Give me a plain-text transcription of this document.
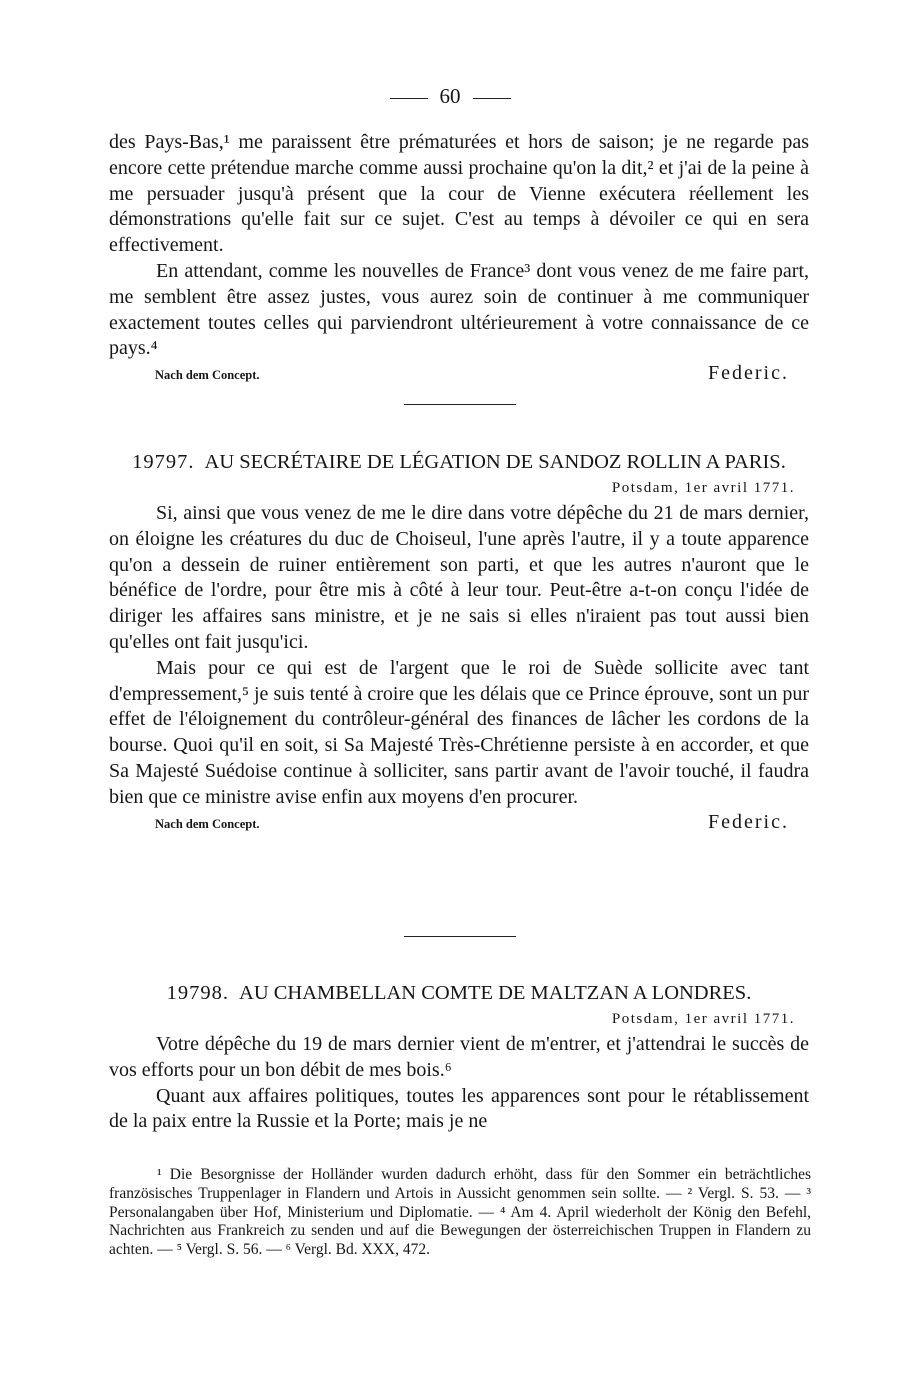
60

des Pays-Bas,¹ me paraissent être prématurées et hors de saison; je ne regarde pas encore cette prétendue marche comme aussi prochaine qu'on la dit,² et j'ai de la peine à me persuader jusqu'à présent que la cour de Vienne exécutera réellement les démonstrations qu'elle fait sur ce sujet. C'est au temps à dévoiler ce qui en sera effectivement.

En attendant, comme les nouvelles de France³ dont vous venez de me faire part, me semblent être assez justes, vous aurez soin de continuer à me communiquer exactement toutes celles qui parviendront ultérieurement à votre connaissance de ce pays.⁴

Nach dem Concept.	Federic.
19797. AU SECRÉTAIRE DE LÉGATION DE SANDOZ ROLLIN A PARIS.
Potsdam, 1er avril 1771.

Si, ainsi que vous venez de me le dire dans votre dépêche du 21 de mars dernier, on éloigne les créatures du duc de Choiseul, l'une après l'autre, il y a toute apparence qu'on a dessein de ruiner entièrement son parti, et que les autres n'auront que le bénéfice de l'ordre, pour être mis à côté à leur tour. Peut-être a-t-on conçu l'idée de diriger les affaires sans ministre, et je ne sais si elles n'iraient pas tout aussi bien qu'elles ont fait jusqu'ici.

Mais pour ce qui est de l'argent que le roi de Suède sollicite avec tant d'empressement,⁵ je suis tenté à croire que les délais que ce Prince éprouve, sont un pur effet de l'éloignement du contrôleur-général des finances de lâcher les cordons de la bourse. Quoi qu'il en soit, si Sa Majesté Très-Chrétienne persiste à en accorder, et que Sa Majesté Suédoise continue à solliciter, sans partir avant de l'avoir touché, il faudra bien que ce ministre avise enfin aux moyens d'en procurer.

Nach dem Concept.	Federic.
19798. AU CHAMBELLAN COMTE DE MALTZAN A LONDRES.
Potsdam, 1er avril 1771.

Votre dépêche du 19 de mars dernier vient de m'entrer, et j'attendrai le succès de vos efforts pour un bon débit de mes bois.⁶

Quant aux affaires politiques, toutes les apparences sont pour le rétablissement de la paix entre la Russie et la Porte; mais je ne

¹ Die Besorgnisse der Holländer wurden dadurch erhöht, dass für den Sommer ein beträchtliches französisches Truppenlager in Flandern und Artois in Aussicht genommen sein sollte. — ² Vergl. S. 53. — ³ Personalangaben über Hof, Ministerium und Diplomatie. — ⁴ Am 4. April wiederholt der König den Befehl, Nachrichten aus Frankreich zu senden und auf die Bewegungen der österreichischen Truppen in Flandern zu achten. — ⁵ Vergl. S. 56. — ⁶ Vergl. Bd. XXX, 472.
